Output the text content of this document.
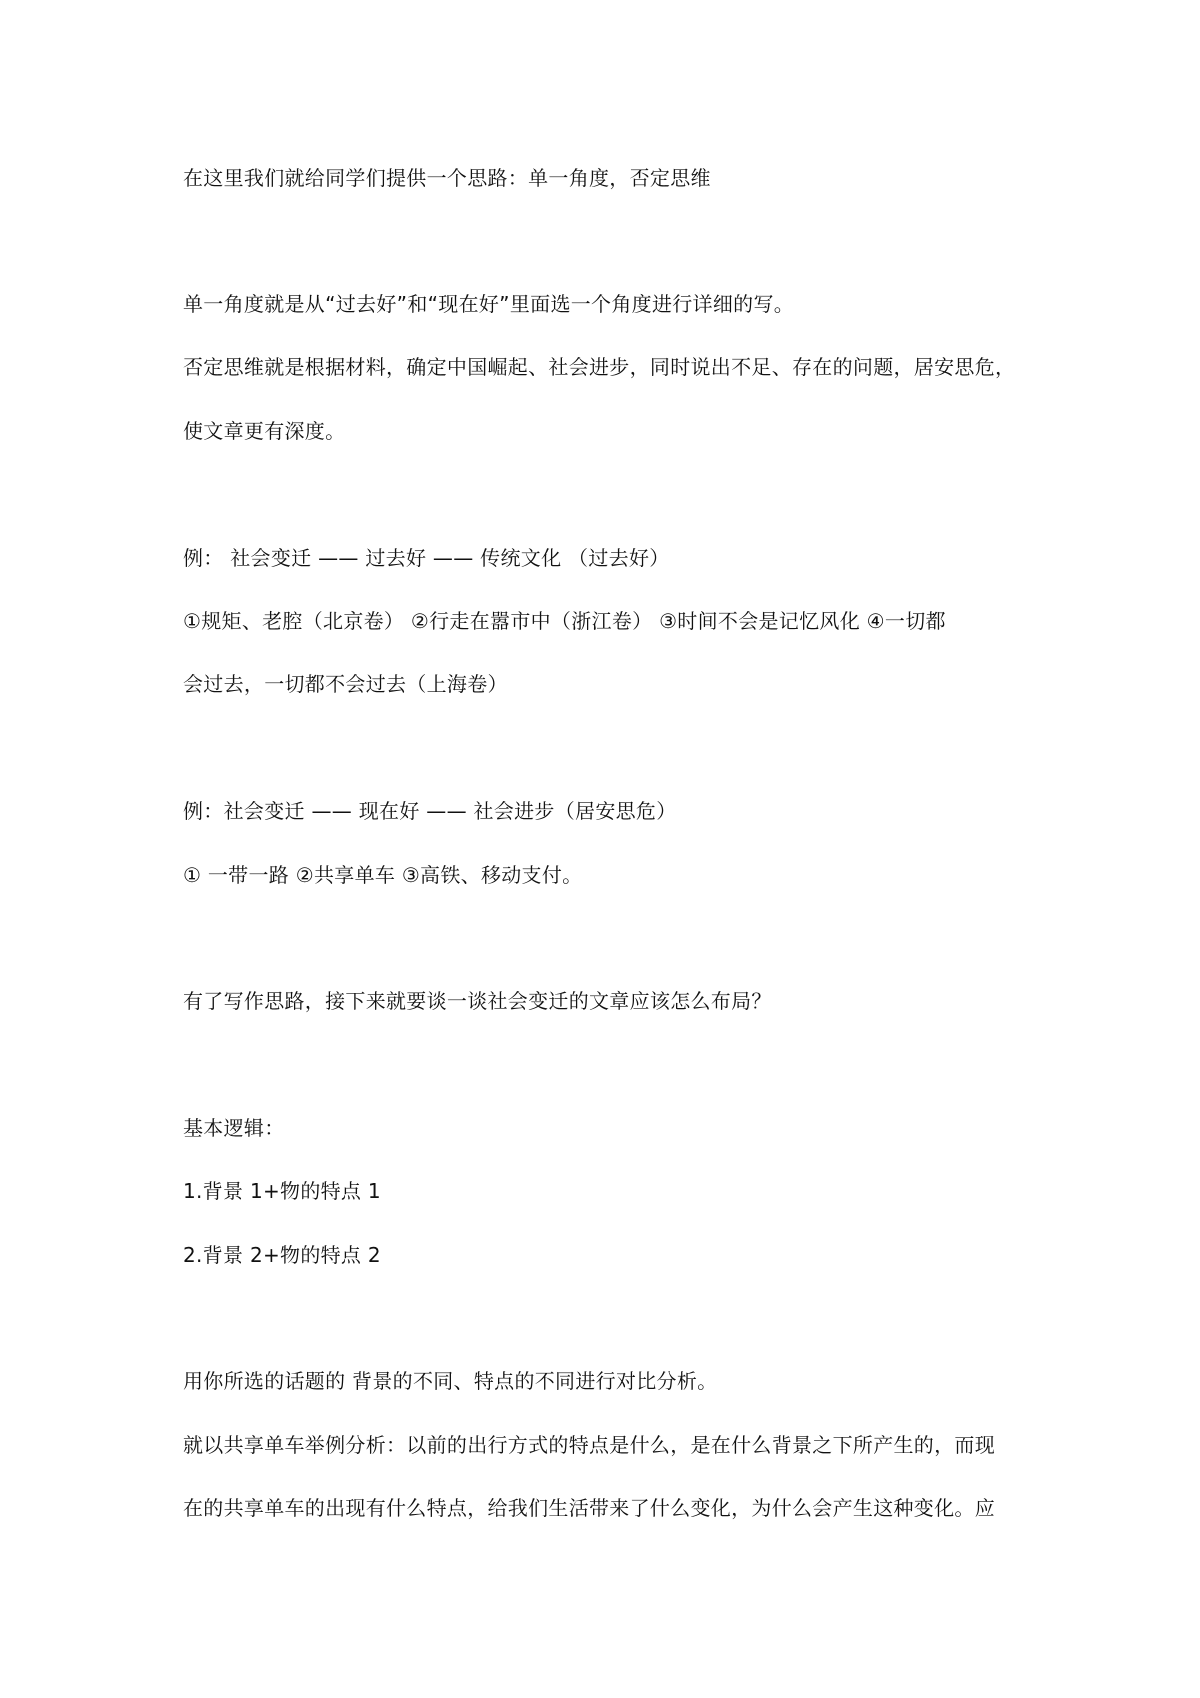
在这里我们就给同学们提供一个思路：单一角度，否定思维
单一角度就是从“过去好”和“现在好”里面选一个角度进行详细的写。
否定思维就是根据材料，确定中国崛起、社会进步，同时说出不足、存在的问题，居安思危，
使文章更有深度。
例： 社会变迁 —— 过去好 —— 传统文化 （过去好）
①规矩、老腔（北京卷） ②行走在嚣市中（浙江卷） ③时间不会是记忆风化 ④一切都
会过去，一切都不会过去（上海卷）
例：社会变迁 —— 现在好 —— 社会进步（居安思危）
① 一带一路 ②共享单车 ③高铁、移动支付。
有了写作思路，接下来就要谈一谈社会变迁的文章应该怎么布局？
基本逻辑：
1.背景 1+物的特点 1
2.背景 2+物的特点 2
用你所选的话题的 背景的不同、特点的不同进行对比分析。
就以共享单车举例分析：以前的出行方式的特点是什么，是在什么背景之下所产生的，而现
在的共享单车的出现有什么特点，给我们生活带来了什么变化，为什么会产生这种变化。应
